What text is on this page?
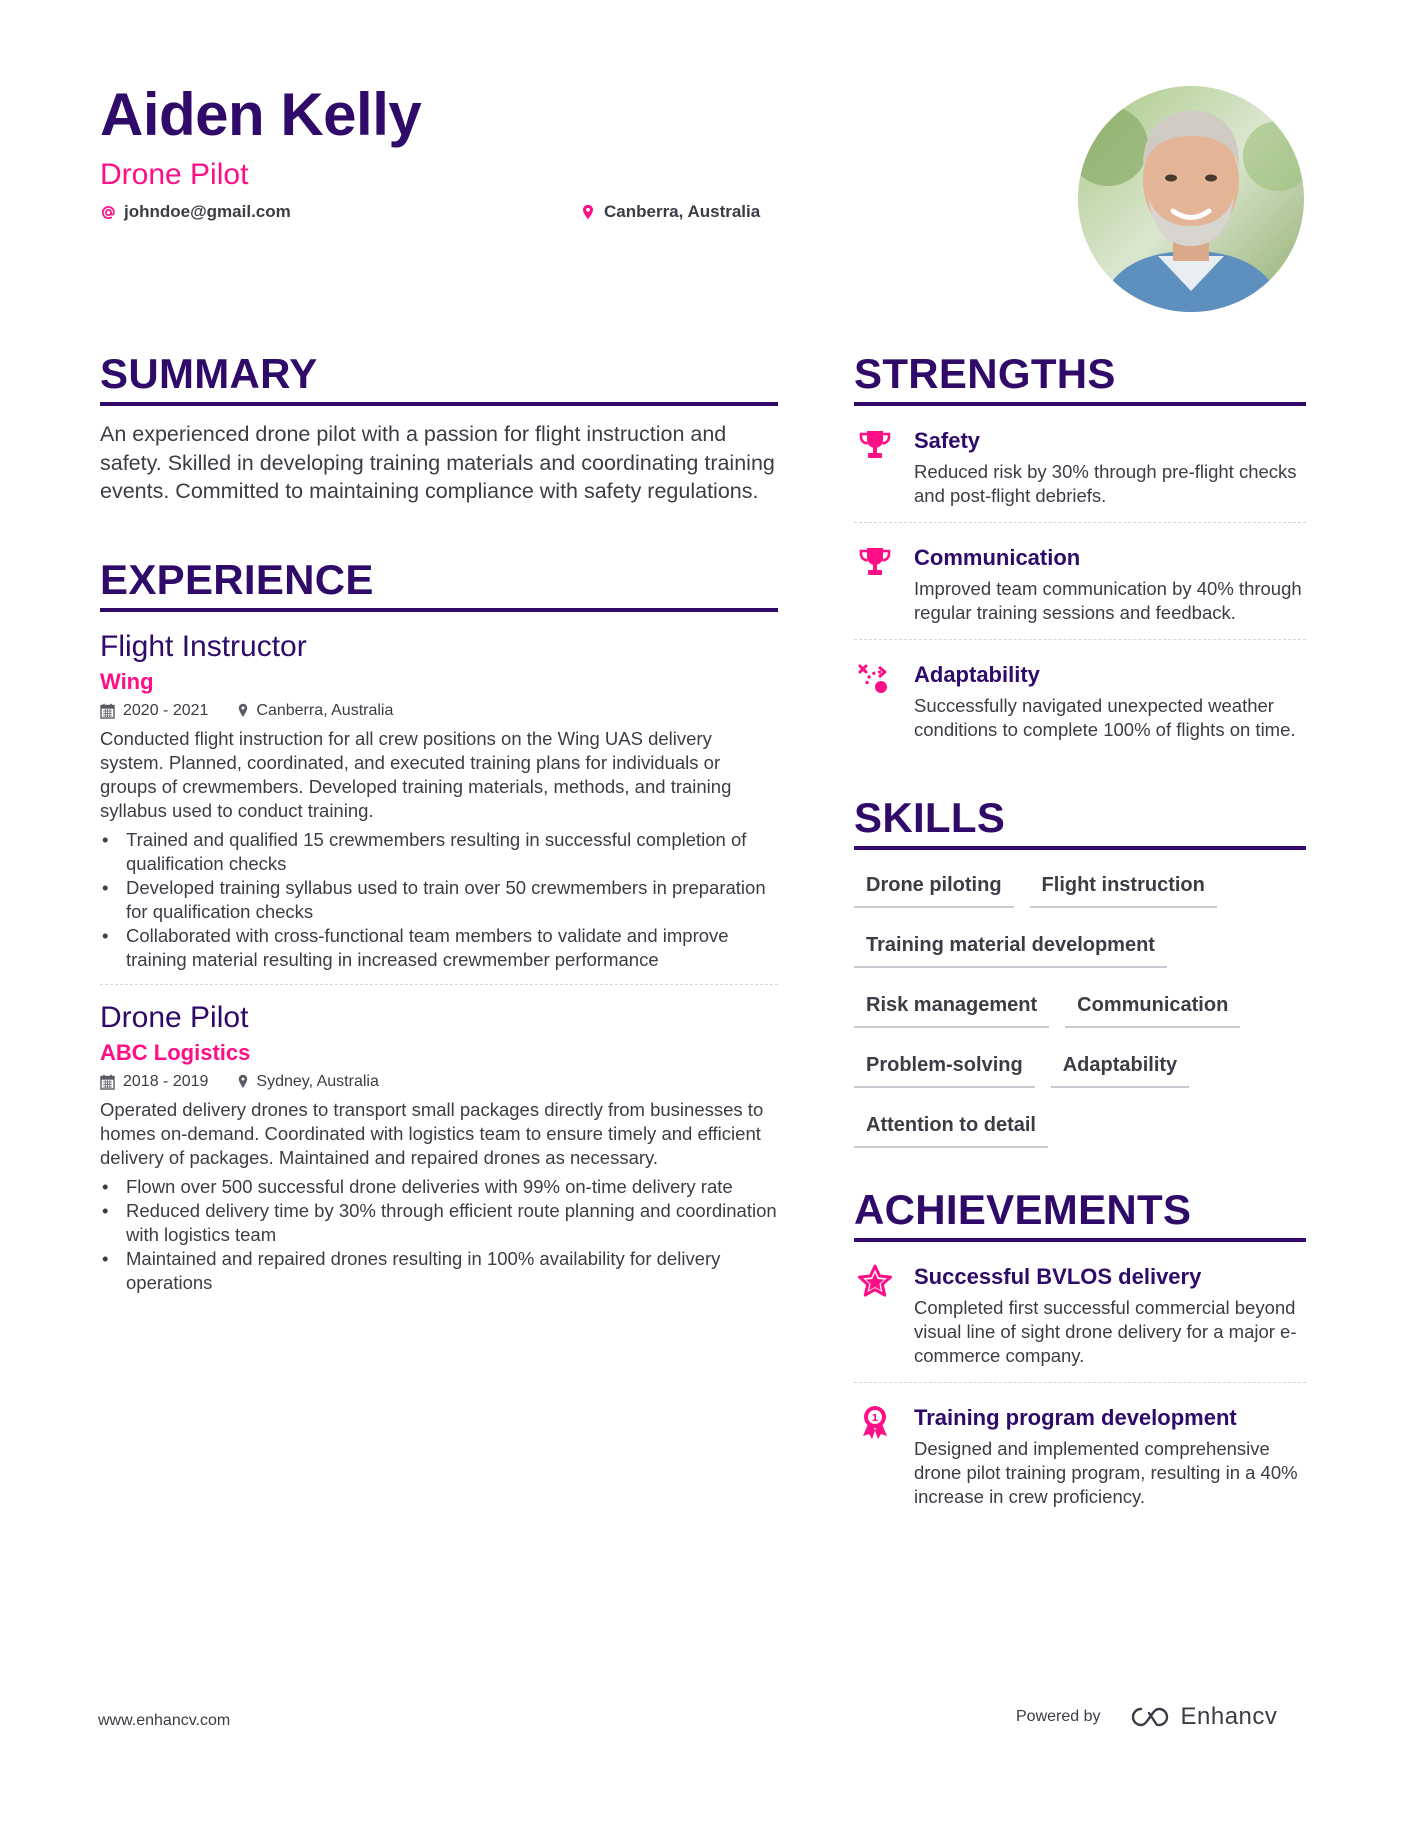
Aiden Kelly
Drone Pilot
johndoe@gmail.com	Canberra, Australia
SUMMARY
An experienced drone pilot with a passion for flight instruction and safety. Skilled in developing training materials and coordinating training events. Committed to maintaining compliance with safety regulations.
EXPERIENCE
Flight Instructor
Wing
2020 - 2021	Canberra, Australia
Conducted flight instruction for all crew positions on the Wing UAS delivery system. Planned, coordinated, and executed training plans for individuals or groups of crewmembers. Developed training materials, methods, and training syllabus used to conduct training.
• Trained and qualified 15 crewmembers resulting in successful completion of qualification checks
• Developed training syllabus used to train over 50 crewmembers in preparation for qualification checks
• Collaborated with cross-functional team members to validate and improve training material resulting in increased crewmember performance
Drone Pilot
ABC Logistics
2018 - 2019	Sydney, Australia
Operated delivery drones to transport small packages directly from businesses to homes on-demand. Coordinated with logistics team to ensure timely and efficient delivery of packages. Maintained and repaired drones as necessary.
• Flown over 500 successful drone deliveries with 99% on-time delivery rate
• Reduced delivery time by 30% through efficient route planning and coordination with logistics team
• Maintained and repaired drones resulting in 100% availability for delivery operations
STRENGTHS
Safety
Reduced risk by 30% through pre-flight checks and post-flight debriefs.
Communication
Improved team communication by 40% through regular training sessions and feedback.
Adaptability
Successfully navigated unexpected weather conditions to complete 100% of flights on time.
SKILLS
Drone piloting	Flight instruction
Training material development
Risk management	Communication
Problem-solving	Adaptability
Attention to detail
ACHIEVEMENTS
Successful BVLOS delivery
Completed first successful commercial beyond visual line of sight drone delivery for a major e-commerce company.
1 Training program development
Designed and implemented comprehensive drone pilot training program, resulting in a 40% increase in crew proficiency.
www.enhancv.com	Powered by	Enhancv
